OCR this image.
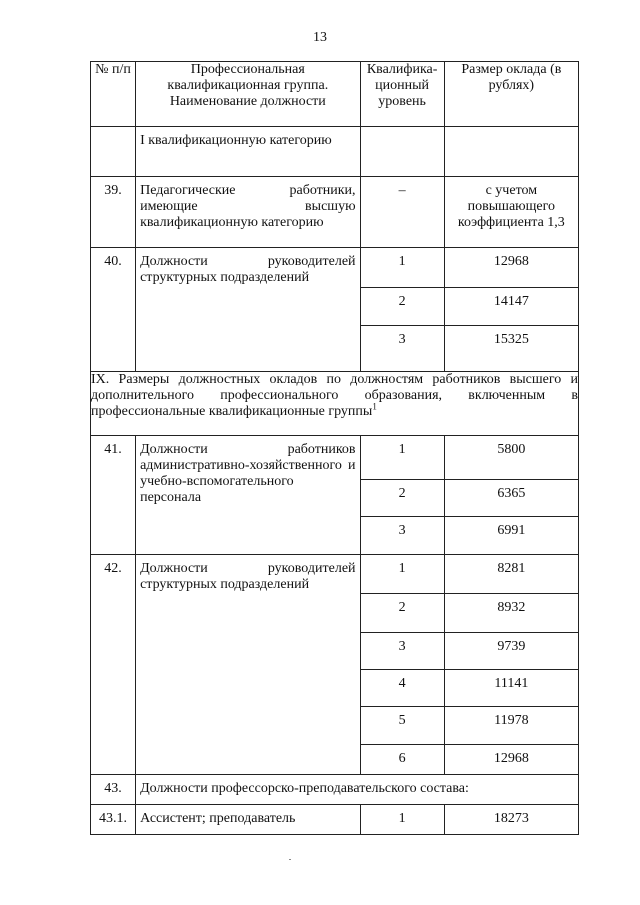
13
№ п/п	Профессиональная квалификационная группа. Наименование должности	Квалифика-ционный уровень	Размер оклада (в рублях)
	I квалификационную категорию		
39.	Педагогические работники, имеющие высшую квалификационную категорию	–	с учетом повышающего коэффициента 1,3
40.	Должности руководителей структурных подразделений	1	12968
		2	14147
		3	15325
IX. Размеры должностных окладов по должностям работников высшего и дополнительного профессионального образования, включенным в профессиональные квалификационные группы$^1$
41.	Должности работников административно-хозяйственного и учебно-вспомогательного персонала	1	5800
		2	6365
		3	6991
42.	Должности руководителей структурных подразделений	1	8281
		2	8932
		3	9739
		4	11141
		5	11978
		6	12968
43.	Должности профессорско-преподавательского состава:		
43.1.	Ассистент; преподаватель	1	18273
